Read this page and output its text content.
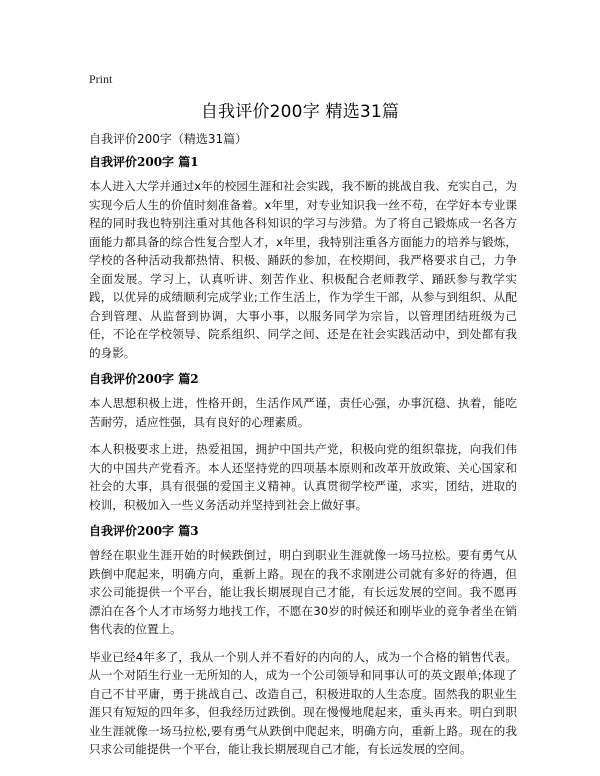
Print
自我评价200字 精选31篇
自我评价200字（精选31篇）
自我评价200字 篇1

本人进入大学并通过x年的校园生涯和社会实践，我不断的挑战自我、充实自己，为实现今后人生的价值时刻准备着。x年里，对专业知识我一丝不苟，在学好本专业课程的同时我也特别注重对其他各科知识的学习与涉猎。为了将自己锻炼成一名各方面能力都具备的综合性复合型人才，x年里，我特别注重各方面能力的培养与锻炼，学校的各种活动我都热情、积极、踊跃的参加，在校期间，我严格要求自己，力争全面发展。学习上，认真听讲、刻苦作业、积极配合老师教学、踊跃参与教学实践，以优异的成绩顺利完成学业;工作生活上，作为学生干部，从参与到组织、从配合到管理、从监督到协调，大事小事，以服务同学为宗旨，以管理团结班级为己任，不论在学校领导、院系组织、同学之间、还是在社会实践活动中，到处都有我的身影。

自我评价200字 篇2

本人思想积极上进，性格开朗，生活作风严谨，责任心强，办事沉稳、执着，能吃苦耐劳，适应性强，具有良好的心理素质。

本人积极要求上进，热爱祖国，拥护中国共产党，积极向党的组织靠拢，向我们伟大的中国共产党看齐。本人还坚持党的四项基本原则和改革开放政策、关心国家和社会的大事，具有很强的爱国主义精神。认真贯彻学校严谨，求实，团结，进取的校训，积极加入一些义务活动并坚持到社会上做好事。

自我评价200字 篇3

曾经在职业生涯开始的时候跌倒过，明白到职业生涯就像一场马拉松。要有勇气从跌倒中爬起来，明确方向，重新上路。现在的我不求刚进公司就有多好的待遇，但求公司能提供一个平台，能让我长期展现自己才能，有长远发展的空间。我不愿再漂泊在各个人才市场努力地找工作，不愿在30岁的时候还和刚毕业的竞争者坐在销售代表的位置上。

毕业已经4年多了，我从一个别人并不看好的内向的人，成为一个合格的销售代表。从一个对陌生行业一无所知的人，成为一个公司领导和同事认可的英文跟单;体现了自己不甘平庸，勇于挑战自己、改造自己，积极进取的人生态度。固然我的职业生涯只有短短的四年多，但我经历过跌倒。现在慢慢地爬起来，重头再来。明白到职业生涯就像一场马拉松,要有勇气从跌倒中爬起来，明确方向，重新上路。现在的我只求公司能提供一个平台，能让我长期展现自己才能，有长远发展的空间。
